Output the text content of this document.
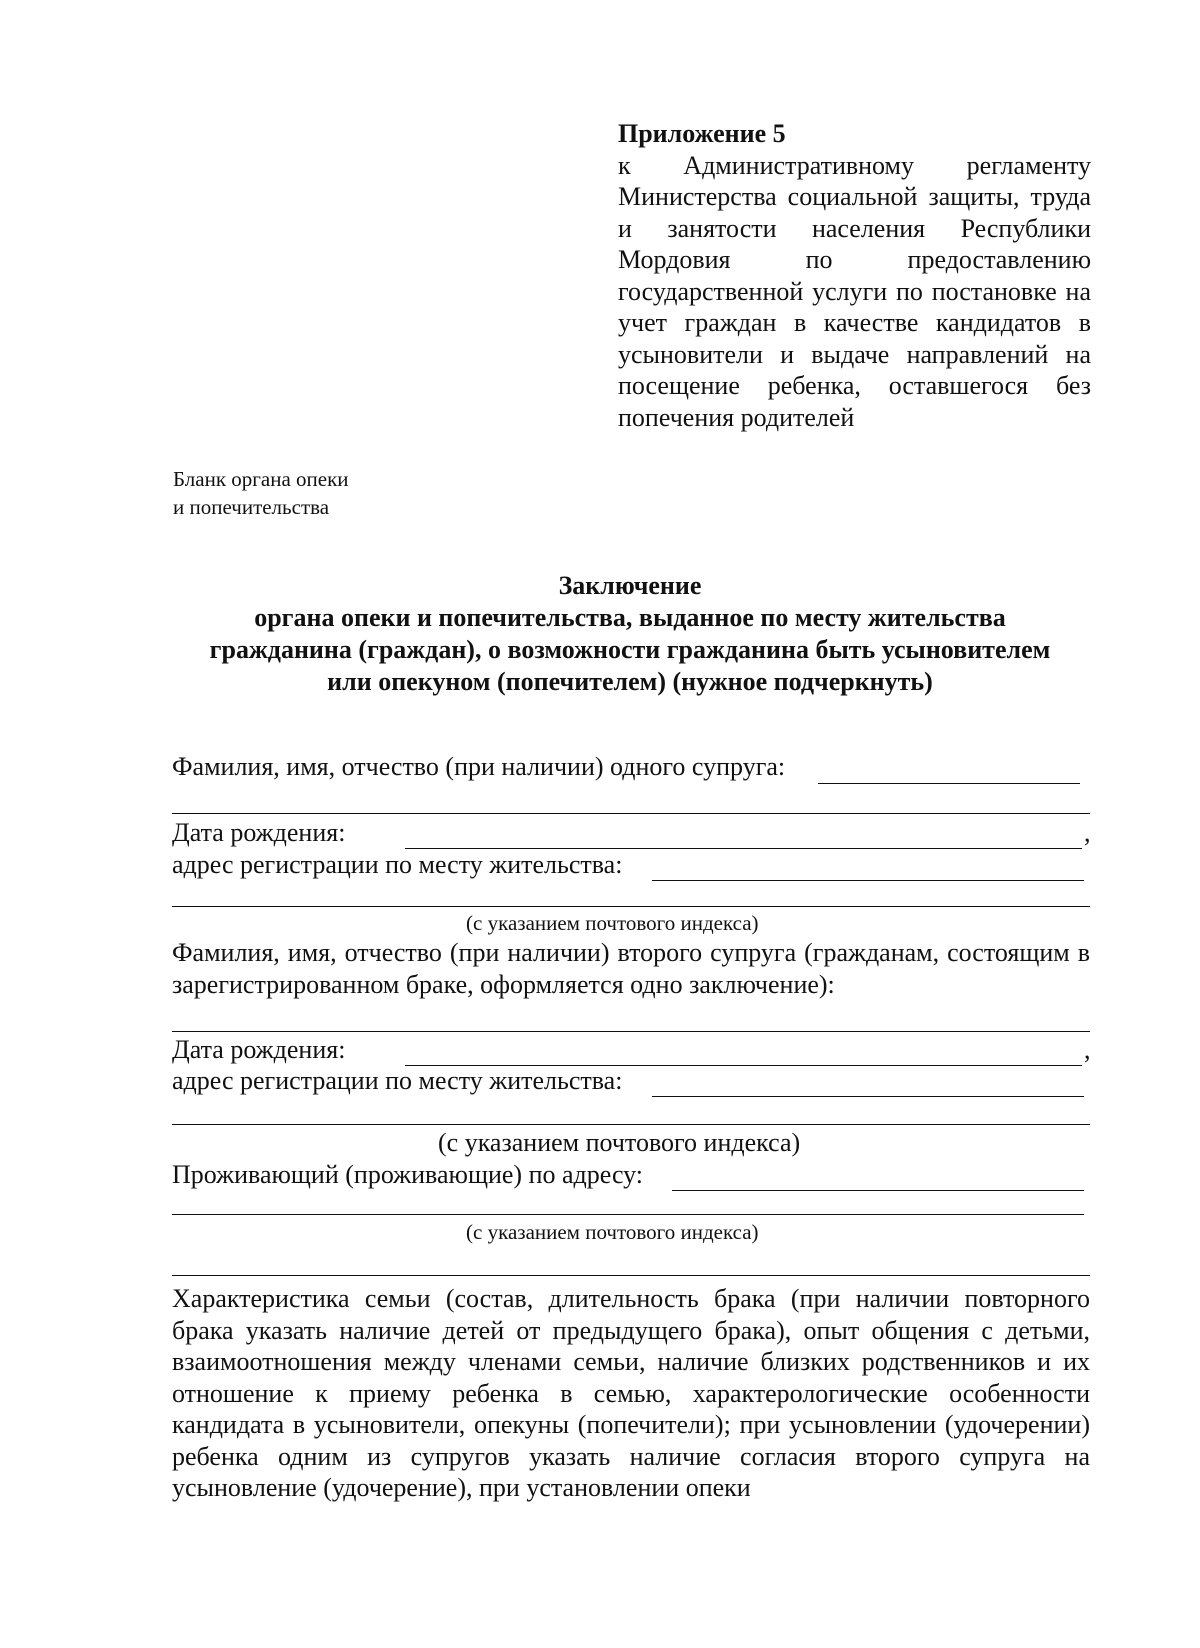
Приложение 5
к Административному регламенту Министерства социальной защиты, труда и занятости населения Республики Мордовия по предоставлению государственной услуги по постановке на учет граждан в качестве кандидатов в усыновители и выдаче направлений на посещение ребенка, оставшегося без попечения родителей
Бланк органа опеки
и попечительства
Заключение
органа опеки и попечительства, выданное по месту жительства
гражданина (граждан), о возможности гражданина быть усыновителем
или опекуном (попечителем) (нужное подчеркнуть)
Фамилия, имя, отчество (при наличии) одного супруга:
Дата рождения:	,
адрес регистрации по месту жительства:
(с указанием почтового индекса)
Фамилия, имя, отчество (при наличии) второго супруга (гражданам, состоящим в зарегистрированном браке, оформляется одно заключение):
Дата рождения:	,
адрес регистрации по месту жительства:
(с указанием почтового индекса)
Проживающий (проживающие) по адресу:
(с указанием почтового индекса)
Характеристика семьи (состав, длительность брака (при наличии повторного брака указать наличие детей от предыдущего брака), опыт общения с детьми, взаимоотношения между членами семьи, наличие близких родственников и их отношение к приему ребенка в семью, характерологические особенности кандидата в усыновители, опекуны (попечители); при усыновлении (удочерении) ребенка одним из супругов указать наличие согласия второго супруга на усыновление (удочерение), при установлении опеки
